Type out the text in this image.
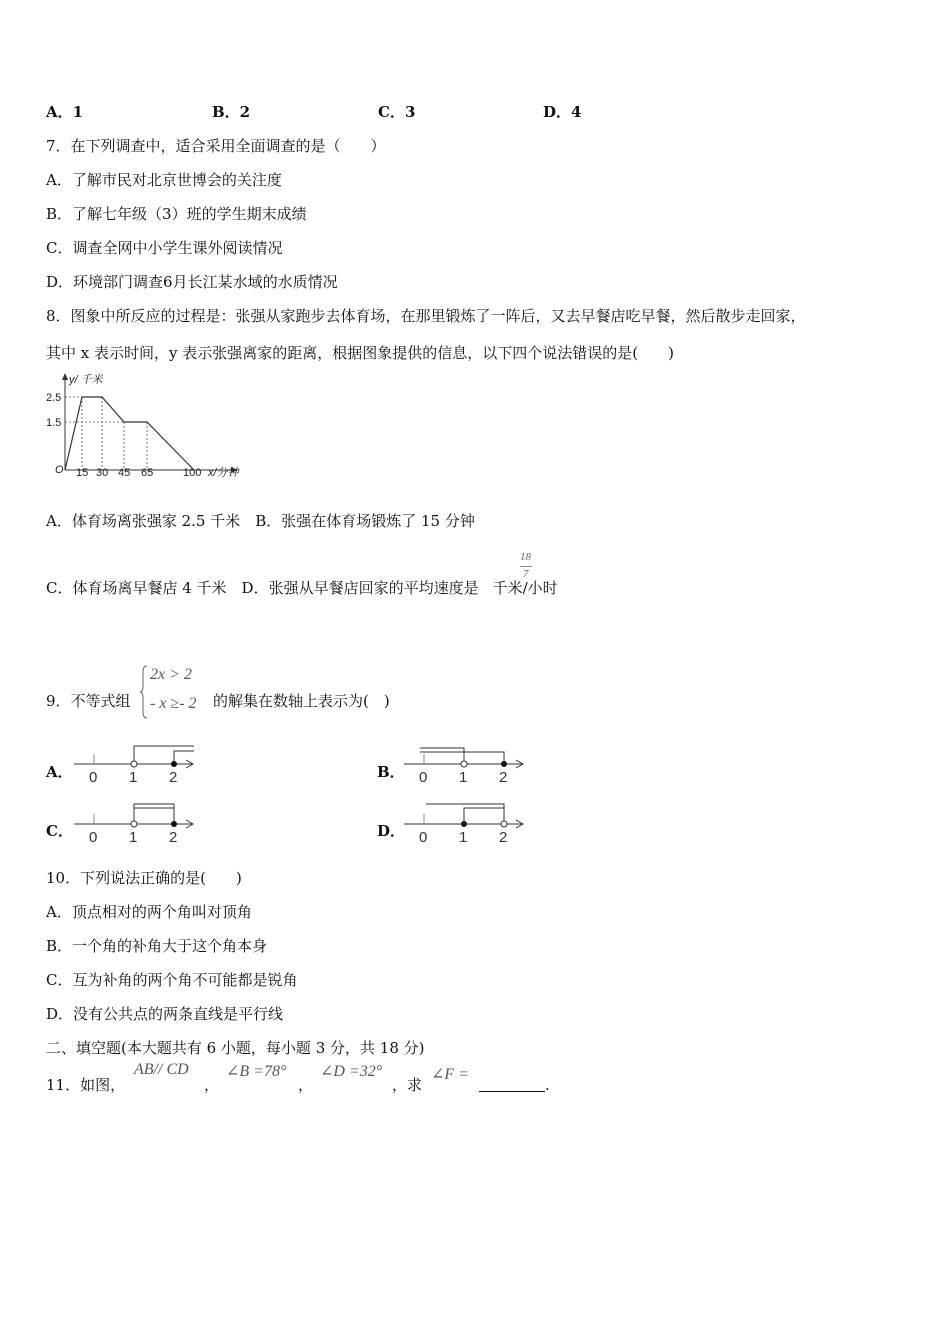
A．1	B．2	C．3	D．4
7．在下列调查中，适合采用全面调查的是（　　）
A．了解市民对北京世博会的关注度
B．了解七年级（3）班的学生期末成绩
C．调查全网中小学生课外阅读情况
D．环境部门调查6月长江某水域的水质情况
8．图象中所反应的过程是：张强从家跑步去体育场，在那里锻炼了一阵后，又去早餐店吃早餐，然后散步走回家，
其中 x 表示时间，y 表示张强离家的距离，根据图象提供的信息，以下四个说法错误的是(　　)
y/ 千米
2.5
1.5
O 15 30 45 65	100 x/分钟
A．体育场离张强家 2.5 千米　B．张强在体育场锻炼了 15 分钟
C．体育场离早餐店 4 千米　D．张强从早餐店回家的平均速度是 千米/小时
18
7
9．不等式组
2x > 2
- x ≥- 2 的解集在数轴上表示为(　)
A． 0 1 2	B． 0 1 2
C． 0 1 2	D． 0 1 2
10．下列说法正确的是(　　)
A．顶点相对的两个角叫对顶角
B．一个角的补角大于这个角本身
C．互为补角的两个角不可能都是锐角
D．没有公共点的两条直线是平行线
二、填空题(本大题共有 6 小题，每小题 3 分，共 18 分)
11．如图，
AB// CD
，
∠B =78°
，
∠D =32°
，求
∠F =
.
